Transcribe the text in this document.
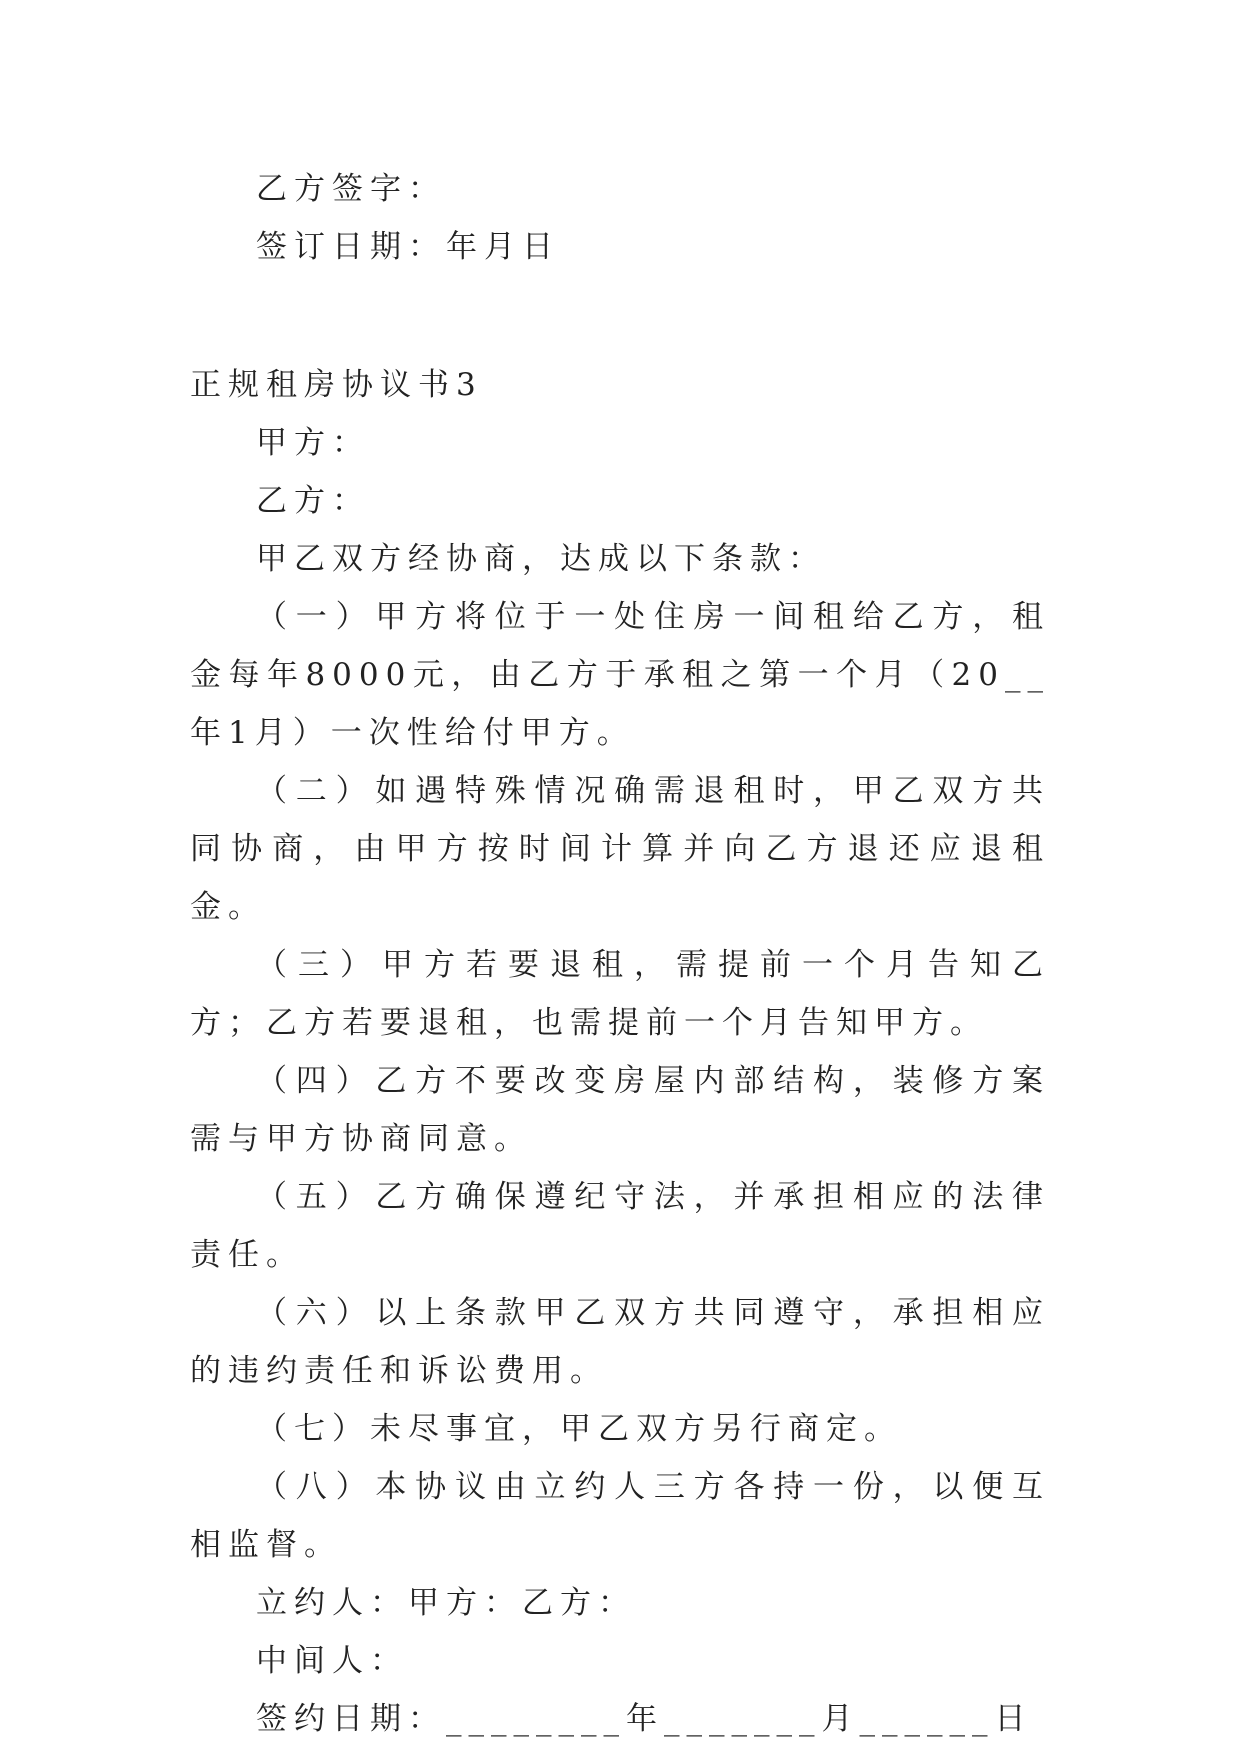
乙方签字：
签订日期：年月日
正规租房协议书3
甲方：
乙方：
甲乙双方经协商，达成以下条款：
（一）甲方将位于一处住房一间租给乙方，租金每年8000元，由乙方于承租之第一个月（20__年1月）一次性给付甲方。
（二）如遇特殊情况确需退租时，甲乙双方共同协商，由甲方按时间计算并向乙方退还应退租金。
（三）甲方若要退租，需提前一个月告知乙方；乙方若要退租，也需提前一个月告知甲方。
（四）乙方不要改变房屋内部结构，装修方案需与甲方协商同意。
（五）乙方确保遵纪守法，并承担相应的法律责任。
（六）以上条款甲乙双方共同遵守，承担相应的违约责任和诉讼费用。
（七）未尽事宜，甲乙双方另行商定。
（八）本协议由立约人三方各持一份，以便互相监督。
立约人：甲方：乙方：
中间人：
签约日期：________年_______月______日
